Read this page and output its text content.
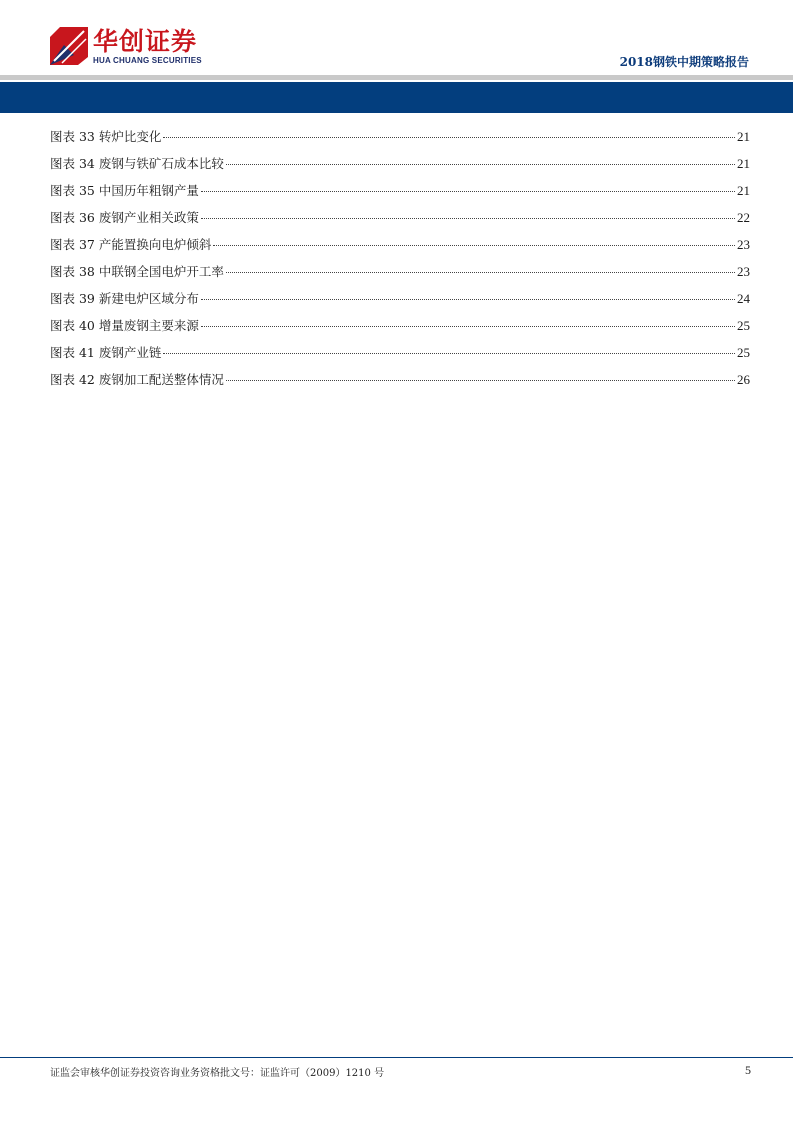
华创证券
HUA CHUANG SECURITIES	2018钢铁中期策略报告
图表 33 转炉比变化	21
图表 34 废钢与铁矿石成本比较	21
图表 35 中国历年粗钢产量	21
图表 36 废钢产业相关政策	22
图表 37 产能置换向电炉倾斜	23
图表 38 中联钢全国电炉开工率	23
图表 39 新建电炉区域分布	24
图表 40 增量废钢主要来源	25
图表 41 废钢产业链	25
图表 42 废钢加工配送整体情况	26
证监会审核华创证券投资咨询业务资格批文号：证监许可（2009）1210 号	5
